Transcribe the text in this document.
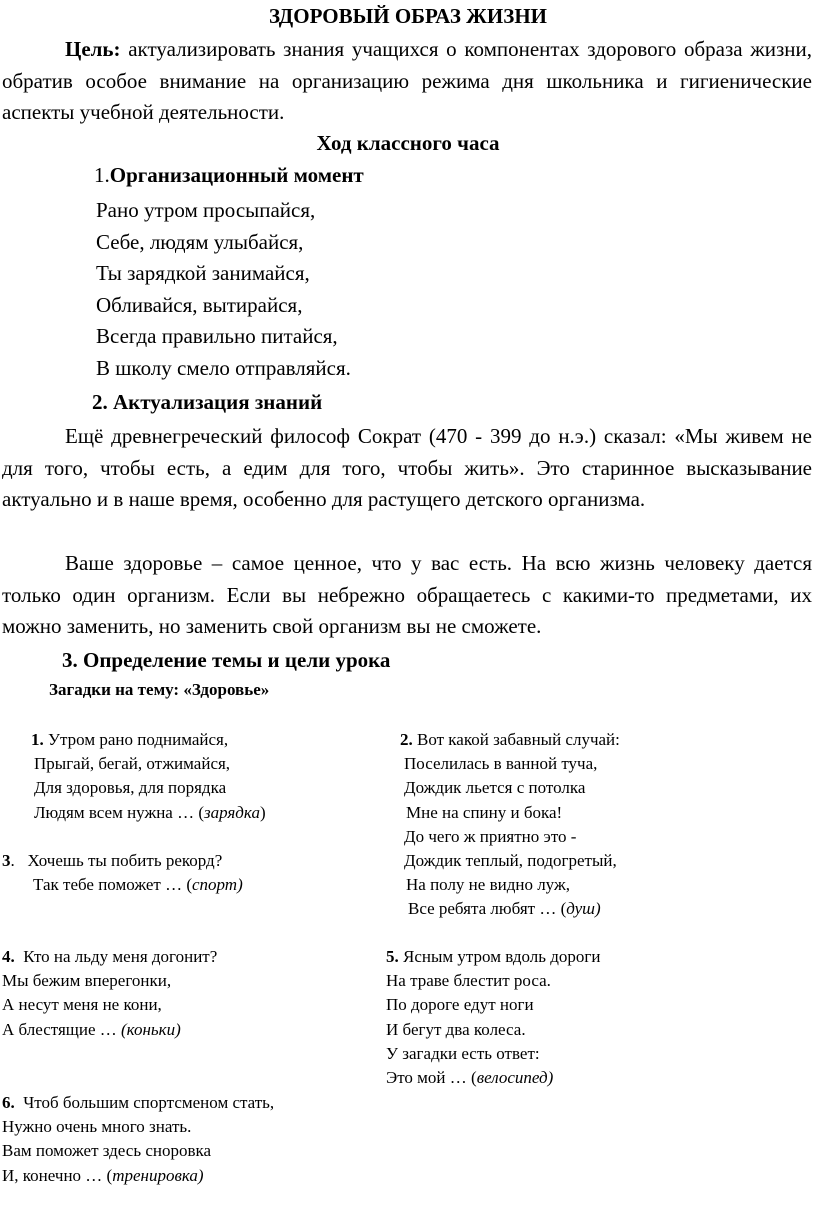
ЗДОРОВЫЙ ОБРАЗ ЖИЗНИ

Цель: актуализировать знания учащихся о компонентах здорового образа жизни, обратив особое внимание на организацию режима дня школьника и гигиенические аспекты учебной деятельности.

Ход классного часа
1.Организационный момент
Рано утром просыпайся,
Себе, людям улыбайся,
Ты зарядкой занимайся,
Обливайся, вытирайся,
Всегда правильно питайся,
В школу смело отправляйся.
2. Актуализация знаний

Ещё древнегреческий философ Сократ (470 - 399 до н.э.) сказал: «Мы живем не для того, чтобы есть, а едим для того, чтобы жить». Это старинное высказывание актуально и в наше время, особенно для растущего детского организма.

Ваше здоровье – самое ценное, что у вас есть. На всю жизнь человеку дается только один организм. Если вы небрежно обращаетесь с какими-то предметами, их можно заменить, но заменить свой организм вы не сможете.

3. Определение темы и цели урока
Загадки на тему: «Здоровье»
1. Утром рано поднимайся,
Прыгай, бегай, отжимайся,
Для здоровья, для порядка
Людям всем нужна … (зарядка)
2. Вот какой забавный случай:
Поселилась в ванной туча,
Дождик льется с потолка
Мне на спину и бока!
До чего ж приятно это -
Дождик теплый, подогретый,
На полу не видно луж,
Все ребята любят … (душ)
3. Хочешь ты побить рекорд?
Так тебе поможет … (спорт)
4. Кто на льду меня догонит?
Мы бежим вперегонки,
А несут меня не кони,
А блестящие … (коньки)
5. Ясным утром вдоль дороги
На траве блестит роса.
По дороге едут ноги
И бегут два колеса.
У загадки есть ответ:
Это мой … (велосипед)
6. Чтоб большим спортсменом стать,
Нужно очень много знать.
Вам поможет здесь сноровка
И, конечно … (тренировка)
